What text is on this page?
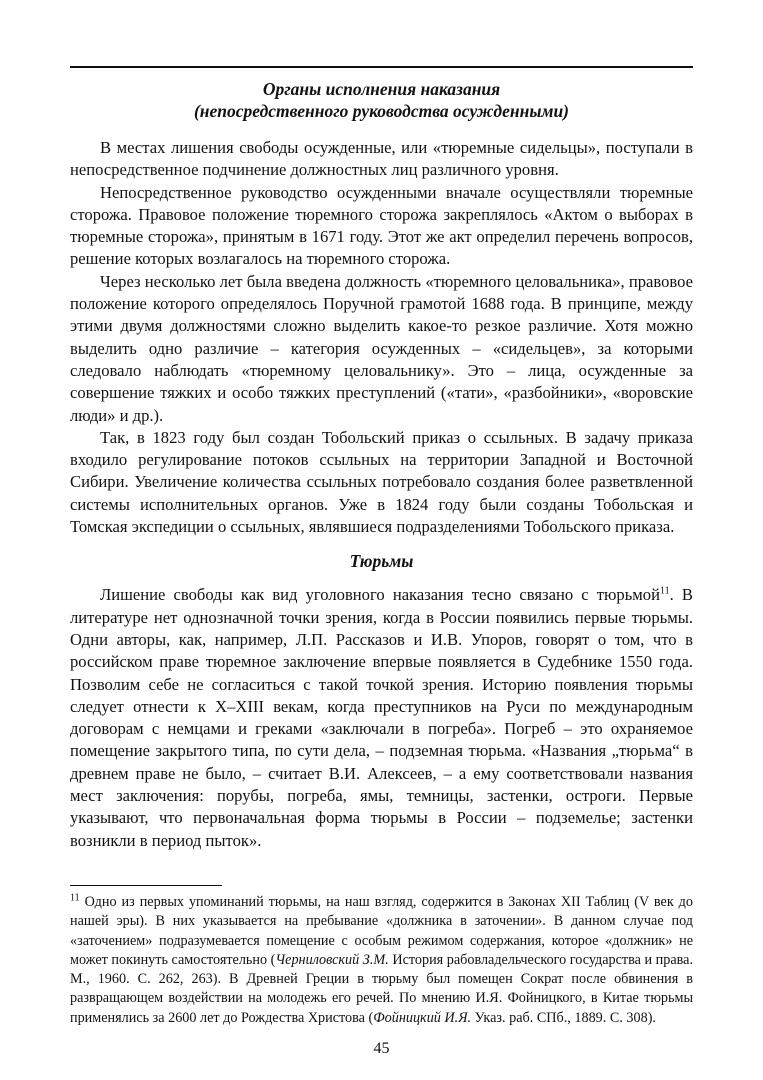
Органы исполнения наказания
(непосредственного руководства осужденными)

В местах лишения свободы осужденные, или «тюремные сидельцы», поступали в непосредственное подчинение должностных лиц различного уровня.

Непосредственное руководство осужденными вначале осуществляли тюремные сторожа. Правовое положение тюремного сторожа закреплялось «Актом о выборах в тюремные сторожа», принятым в 1671 году. Этот же акт определил перечень вопросов, решение которых возлагалось на тюремного сторожа.

Через несколько лет была введена должность «тюремного целовальника», правовое положение которого определялось Поручной грамотой 1688 года. В принципе, между этими двумя должностями сложно выделить какое-то резкое различие. Хотя можно выделить одно различие – категория осужденных – «сидельцев», за которыми следовало наблюдать «тюремному целовальнику». Это – лица, осужденные за совершение тяжких и особо тяжких преступлений («тати», «разбойники», «воровские люди» и др.).

Так, в 1823 году был создан Тобольский приказ о ссыльных. В задачу приказа входило регулирование потоков ссыльных на территории Западной и Восточной Сибири. Увеличение количества ссыльных потребовало создания более разветвленной системы исполнительных органов. Уже в 1824 году были созданы Тобольская и Томская экспедиции о ссыльных, являвшиеся подразделениями Тобольского приказа.

Тюрьмы

Лишение свободы как вид уголовного наказания тесно связано с тюрьмой$^{11}$. В литературе нет однозначной точки зрения, когда в России появились первые тюрьмы. Одни авторы, как, например, Л.П. Рассказов и И.В. Упоров, говорят о том, что в российском праве тюремное заключение впервые появляется в Судебнике 1550 года. Позволим себе не согласиться с такой точкой зрения. Историю появления тюрьмы следует отнести к X–XIII векам, когда преступников на Руси по международным договорам с немцами и греками «заключали в погреба». Погреб – это охраняемое помещение закрытого типа, по сути дела, – подземная тюрьма. «Названия „тюрьма“ в древнем праве не было, – считает В.И. Алексеев, – а ему соответствовали названия мест заключения: порубы, погреба, ямы, темницы, застенки, остроги. Первые указывают, что первоначальная форма тюрьмы в России – подземелье; застенки возникли в период пыток».

$^{11}$ Одно из первых упоминаний тюрьмы, на наш взгляд, содержится в Законах XII Таблиц (V век до нашей эры). В них указывается на пребывание «должника в заточении». В данном случае под «заточением» подразумевается помещение с особым режимом содержания, которое «должник» не может покинуть самостоятельно (Черниловский З.М. История рабовладельческого государства и права. М., 1960. С. 262, 263). В Древней Греции в тюрьму был помещен Сократ после обвинения в развращающем воздействии на молодежь его речей. По мнению И.Я. Фойницкого, в Китае тюрьмы применялись за 2600 лет до Рождества Христова (Фойницкий И.Я. Указ. раб. СПб., 1889. С. 308).

45
